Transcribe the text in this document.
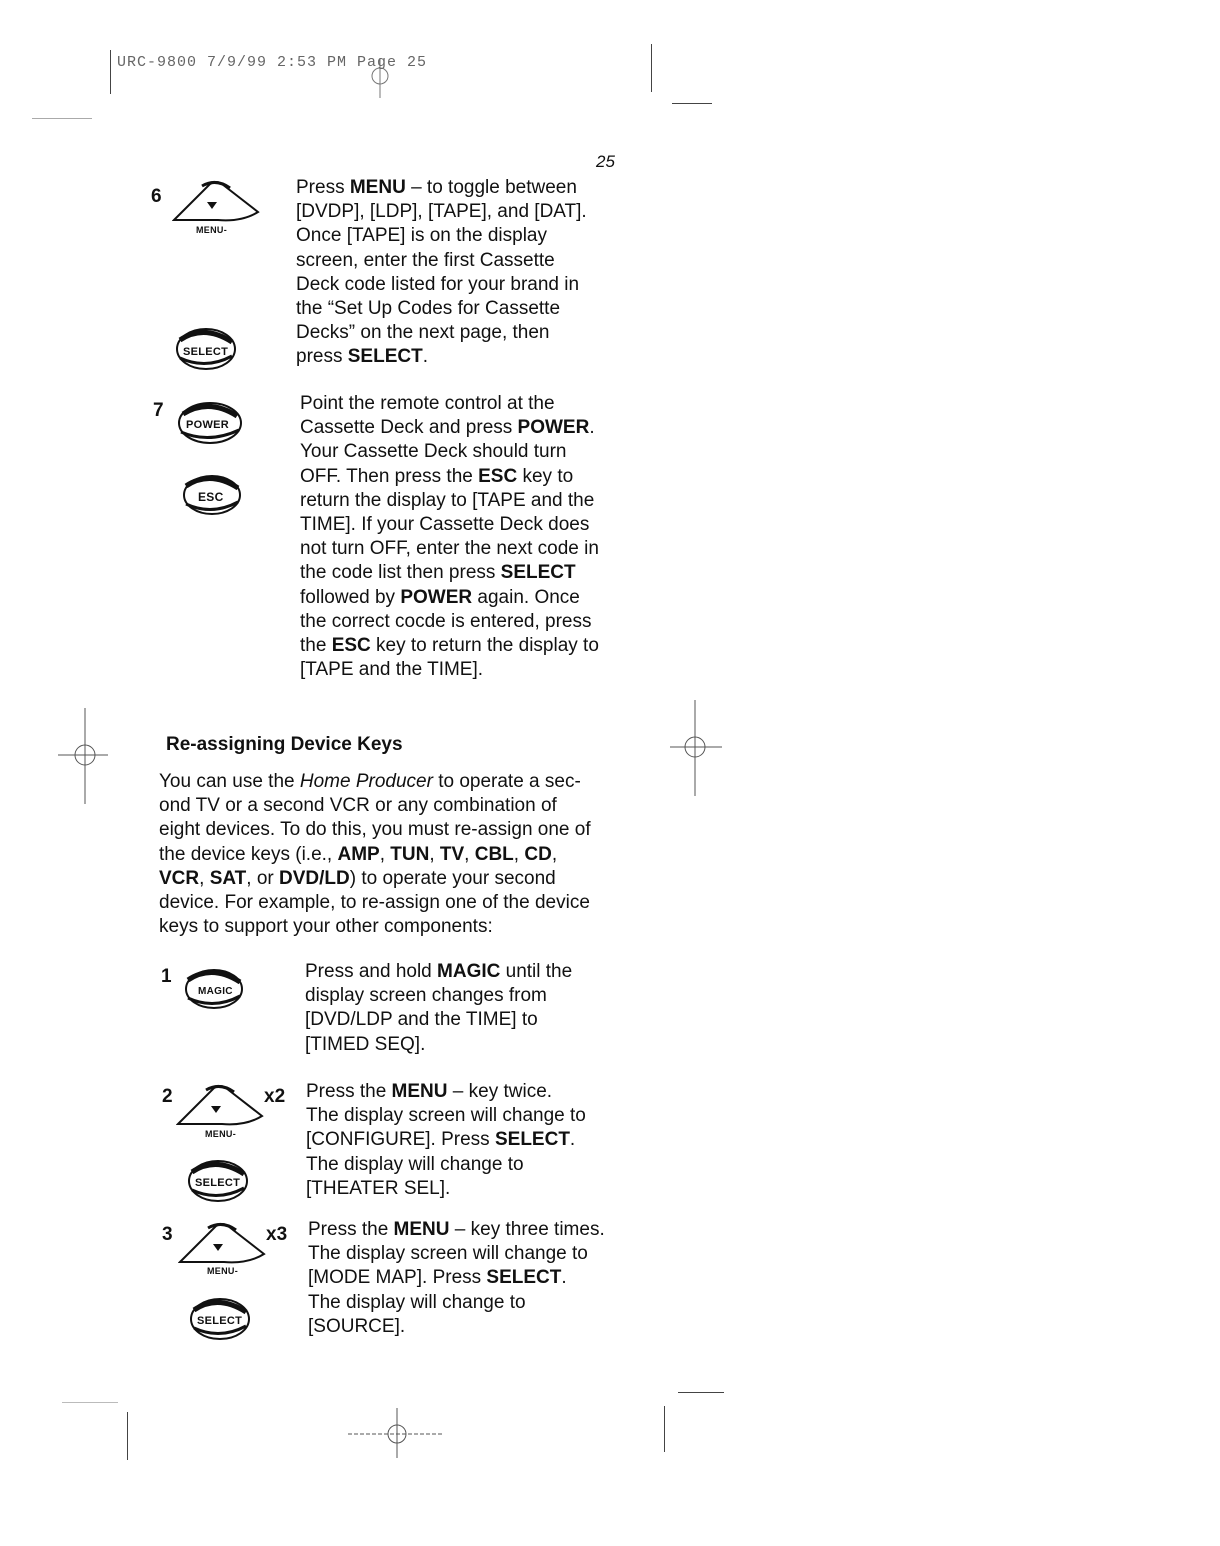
URC-9800 7/9/99 2:53 PM Page 25
25
6
MENU-
Press MENU – to toggle between
[DVDP], [LDP], [TAPE], and [DAT].
Once [TAPE] is on the display
screen, enter the first Cassette
Deck code listed for your brand in
the “Set Up Codes for Cassette
Decks” on the next page, then
press SELECT.
SELECT
7
POWER
Point the remote control at the
Cassette Deck and press POWER.
Your Cassette Deck should turn
OFF. Then press the ESC key to
return the display to [TAPE and the
TIME]. If your Cassette Deck does
not turn OFF, enter the next code in
the code list then press SELECT
followed by POWER again. Once
the correct cocde is entered, press
the ESC key to return the display to
[TAPE and the TIME].
ESC
Re-assigning Device Keys
You can use the Home Producer to operate a sec-
ond TV or a second VCR or any combination of
eight devices. To do this, you must re-assign one of
the device keys (i.e., AMP, TUN, TV, CBL, CD,
VCR, SAT, or DVD/LD) to operate your second
device. For example, to re-assign one of the device
keys to support your other components:
1
MAGIC
Press and hold MAGIC until the
display screen changes from
[DVD/LDP and the TIME] to
[TIMED SEQ].
2	x2
MENU-
SELECT
Press the MENU – key twice.
The display screen will change to
[CONFIGURE]. Press SELECT.
The display will change to
[THEATER SEL].
3	x3
MENU-
SELECT
Press the MENU – key three times.
The display screen will change to
[MODE MAP]. Press SELECT.
The display will change to
[SOURCE].
